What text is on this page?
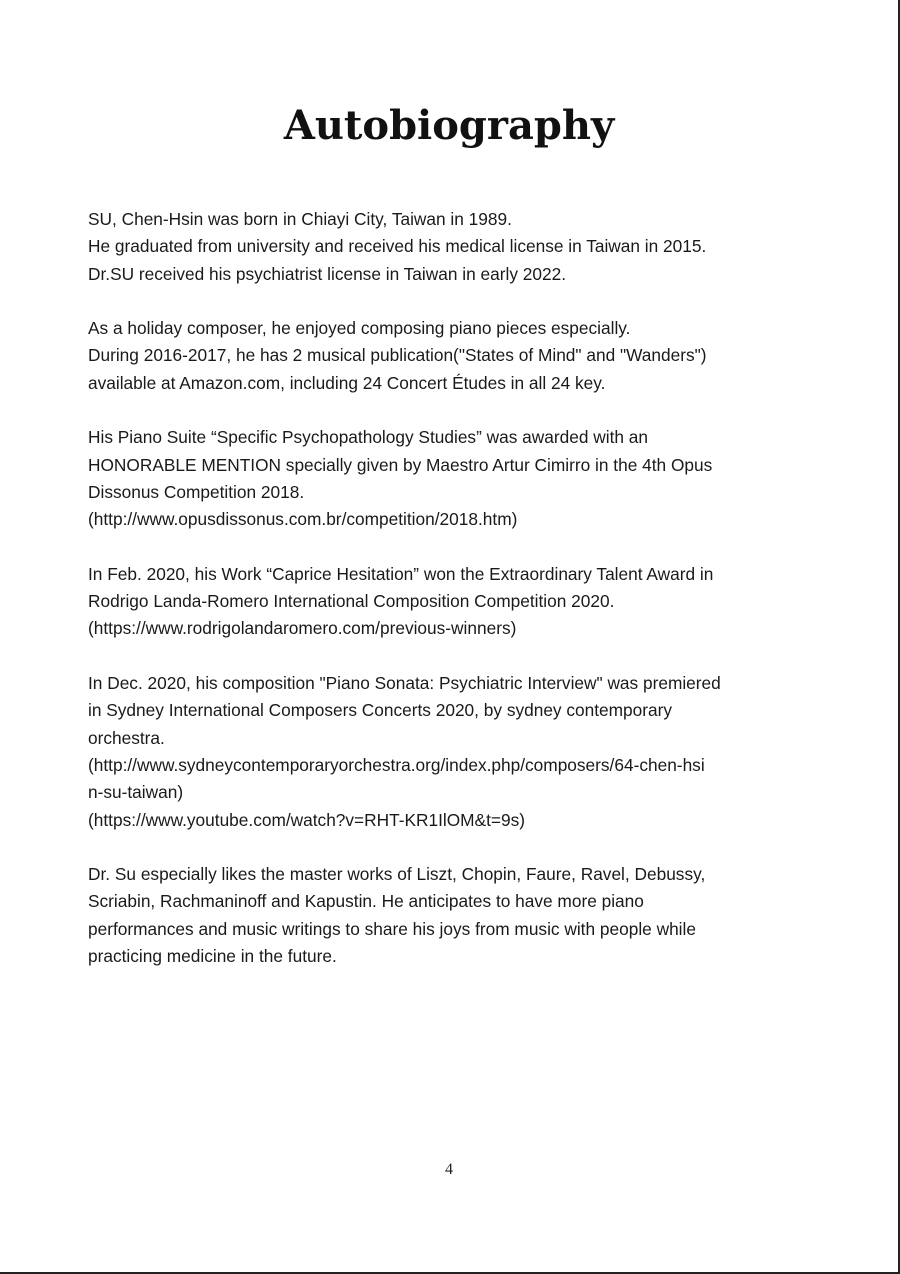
Autobiography

SU, Chen-Hsin was born in Chiayi City, Taiwan in 1989.
He graduated from university and received his medical license in Taiwan in 2015.
Dr.SU received his psychiatrist license in Taiwan in early 2022.

As a holiday composer, he enjoyed composing piano pieces especially.
During 2016-2017, he has 2 musical publication("States of Mind" and "Wanders")
available at Amazon.com, including 24 Concert Études in all 24 key.

His Piano Suite “Specific Psychopathology Studies” was awarded with an
HONORABLE MENTION specially given by Maestro Artur Cimirro in the 4th Opus
Dissonus Competition 2018.
(http://www.opusdissonus.com.br/competition/2018.htm)

In Feb. 2020, his Work “Caprice Hesitation” won the Extraordinary Talent Award in
Rodrigo Landa-Romero International Composition Competition 2020.
(https://www.rodrigolandaromero.com/previous-winners)

In Dec. 2020, his composition "Piano Sonata: Psychiatric Interview" was premiered
in Sydney International Composers Concerts 2020, by sydney contemporary
orchestra.
(http://www.sydneycontemporaryorchestra.org/index.php/composers/64-chen-hsi
n-su-taiwan)
(https://www.youtube.com/watch?v=RHT-KR1IlOM&t=9s)

Dr. Su especially likes the master works of Liszt, Chopin, Faure, Ravel, Debussy,
Scriabin, Rachmaninoff and Kapustin. He anticipates to have more piano
performances and music writings to share his joys from music with people while
practicing medicine in the future.

4
